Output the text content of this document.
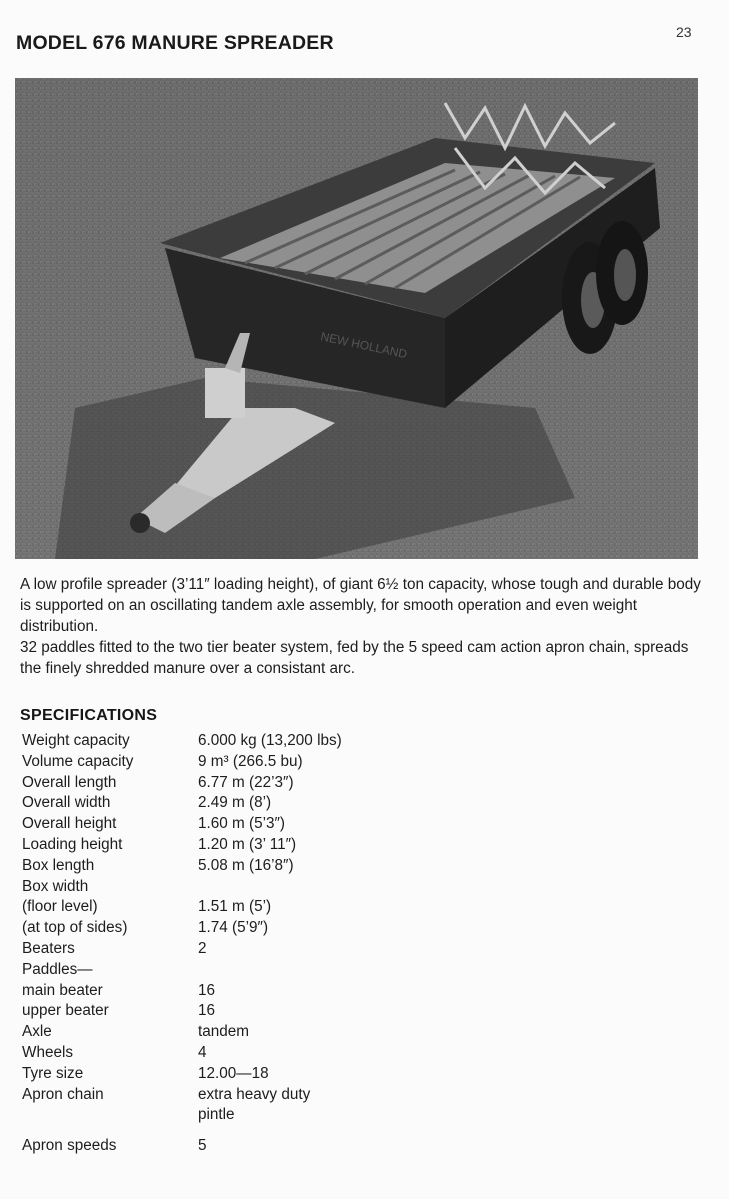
23
MODEL 676 MANURE SPREADER
NEW HOLLAND

A low profile spreader (3’11″ loading height), of giant 6½ ton capacity, whose tough and durable body is supported on an oscillating tandem axle assembly, for smooth operation and even weight distribution.

32 paddles fitted to the two tier beater system, fed by the 5 speed cam action apron chain, spreads the finely shredded manure over a consistant arc.

SPECIFICATIONS
Weight capacity	6.000 kg (13,200 lbs)
Volume capacity	9 m³ (266.5 bu)
Overall length	6.77 m (22’3″)
Overall width	2.49 m (8’)
Overall height	1.60 m (5’3″)
Loading height	1.20 m (3’ 11″)
Box length	5.08 m (16’8″)
Box width	
(floor level)	1.51 m (5’)
(at top of sides)	1.74 (5’9″)
Beaters	2
Paddles—	
main beater	16
upper beater	16
Axle	tandem
Wheels	4
Tyre size	12.00—18
Apron chain	extra heavy duty
	pintle

Apron speeds	5
